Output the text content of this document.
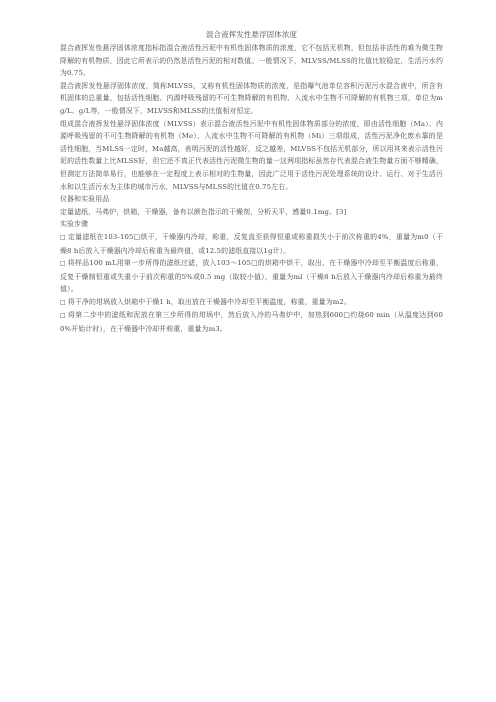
混合液挥发性悬浮固体浓度

混合液挥发性悬浮固体浓度指标指混合液活性污泥中有机性固体物质的浓度，它不包括无机物，但包括非活性的难为微生物降解的有机物质，因此它所表示的仍然是活性污泥的相对数值。一般情况下，MLVSS/MLSS的比值比较稳定，生活污水约为0.75。

混合液挥发性悬浮固体浓度，简称MLVSS，又称有机性固体物质的浓度，是指曝气池单位容积污泥污水混合液中，所含有机固体的总重量，包括活性细胞、内源呼吸残留的不可生物降解的有机物、入流水中生物不可降解的有机物三项，单位为mg/L、g/L等，一般情况下，MLVSS和MLSS的比值相对恒定。

组成混合液挥发性悬浮固体浓度（MLVSS）表示混合液活性污泥中有机性固体物质部分的浓度，即由活性细胞（Ma）、内源呼吸残留的不可生物降解的有机物（Me）、入流水中生物不可降解的有机物（Mi）三项组成，活性污泥净化废水靠的是活性细胞，当MLSS一定时，Ma越高，表明污泥的活性越好，反之越差，MLVSS不包括无机部分，所以用其来表示活性污泥的活性数量上比MLSS好，但它还不真正代表活性污泥微生物的量一这两项指标虽然存代表混合液生物量方面不够精确，但测定方法简单易行，也能够在一定程度上表示相对的生物量，因此广泛用于活性污泥处理系统的设计、运行、对于生活污水和以生活污水为主体的城市污水，MLVSS与MLSS的比值在0.75左右。

仪器和实验用品

定量滤纸，马弗炉，烘箱，干燥器，备有以颜色指示的干燥剂，分析天平，感量0.1mg。[3]

实验步骤

□ 定量滤纸在103-105□烘干，干燥器内冷却，称重，反复直至获得恒重或称重损失小于前次称重的4%，重量为m0（干燥8 h后放入干燥器内冷却后称重为最终值，或12.5的滤纸直接以1g计）。

□ 将样品100 mL用第一步所得的滤纸过滤，放入103～105□的烘箱中烘干，取出，在干燥器中冷却至平衡温度后称重，反复干燥制恒重或失重小于前次称重的5%或0.5 mg（取较小值），重量为ml（干燥8 h后放入干燥器内冷却后称重为最终值）。

□ 将干净的坩埚放入烘箱中干燥1 h，取出放在干燥器中冷却至平衡温度，称重，重量为m2。

□ 将第二步中的滤纸和泥放在第三步所得的坩埚中，然后放入冷的马弗炉中，加热到600□灼烧60 min（从温度达到600%开始计时），在干燥器中冷却并称重，重量为m3。
